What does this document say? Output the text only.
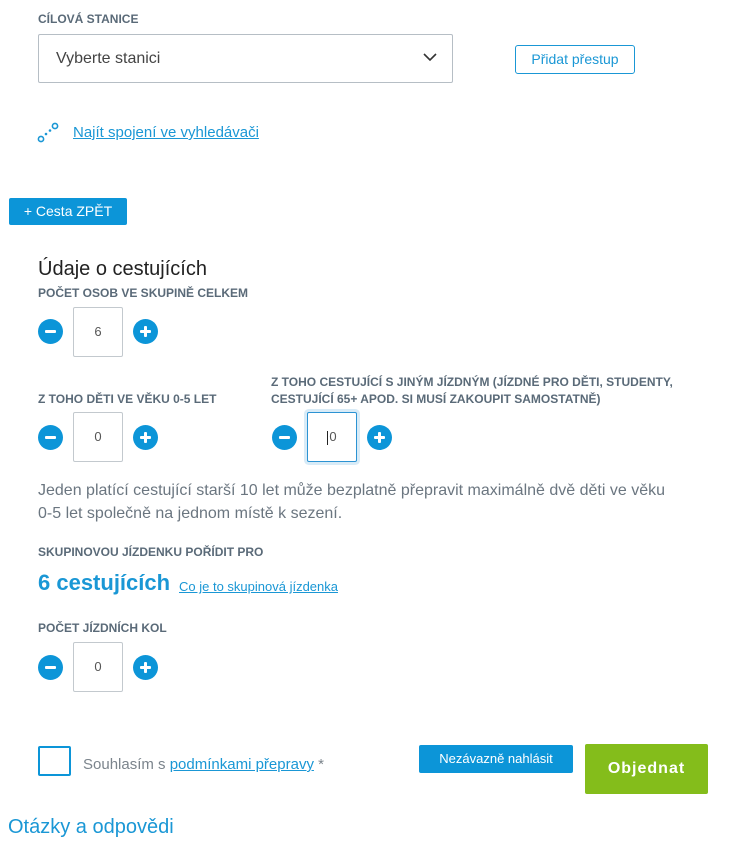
CÍLOVÁ STANICE
Vyberte stanici	Přidat přestup
Najít spojení ve vyhledávači
+ Cesta ZPĚT
Údaje o cestujících
POČET OSOB VE SKUPINĚ CELKEM
6
Z TOHO DĚTI VE VĚKU 0-5 LET
0
Z TOHO CESTUJÍCÍ S JINÝM JÍZDNÝM (JÍZDNÉ PRO DĚTI, STUDENTY,
CESTUJÍCÍ 65+ APOD. SI MUSÍ ZAKOUPIT SAMOSTATNĚ)
0
Jeden platící cestující starší 10 let může bezplatně přepravit maximálně dvě děti ve věku
0-5 let společně na jednom místě k sezení.
SKUPINOVOU JÍZDENKU POŘÍDIT PRO
6 cestujících Co je to skupinová jízdenka
POČET JÍZDNÍCH KOL
0
Souhlasím s podmínkami přepravy *	Nezávazně nahlásit
Objednat
Otázky a odpovědi
